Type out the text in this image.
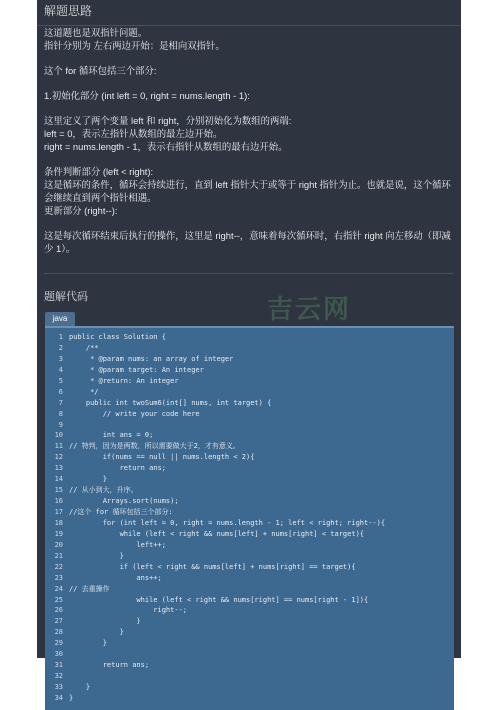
解题思路

这道题也是双指针问题。

指针分别为 左右两边开始：是相向双指针。

这个 for 循环包括三个部分:

1.初始化部分 (int left = 0, right = nums.length - 1):

这里定义了两个变量 left 和 right，分别初始化为数组的两端:

left = 0，表示左指针从数组的最左边开始。

right = nums.length - 1，表示右指针从数组的最右边开始。

条件判断部分 (left < right):

这是循环的条件，循环会持续进行，直到 left 指针大于或等于 right 指针为止。也就是说，这个循环会继续直到两个指针相遇。

更新部分 (right--):

这是每次循环结束后执行的操作，这里是 right--，意味着每次循环时，右指针 right 向左移动（即减少 1）。

题解代码
java
1 public class Solution {
2    /**
3     * @param nums: an array of integer
4     * @param target: An integer
5     * @return: An integer
6     */
7    public int twoSum6(int[] nums, int target) {
8        // write your code here
9
10        int ans = 0;
11 // 特判，因为是两数，所以需要做大于2，才有意义。
12        if(nums == null || nums.length < 2){
13            return ans;
14        }
15 // 从小到大，升序。
16        Arrays.sort(nums);
17 //这个 for 循环包括三个部分:
18        for (int left = 0, right = nums.length - 1; left < right; right--){
19            while (left < right && nums[left] + nums[right] < target){
20                left++;
21            }
22            if (left < right && nums[left] + nums[right] == target){
23                ans++;
24 // 去重操作
25                while (left < right && nums[right] == nums[right - 1]){
26                    right--;
27                }
28            }
29        }
30
31        return ans;
32
33    }
34 }
吉云网
